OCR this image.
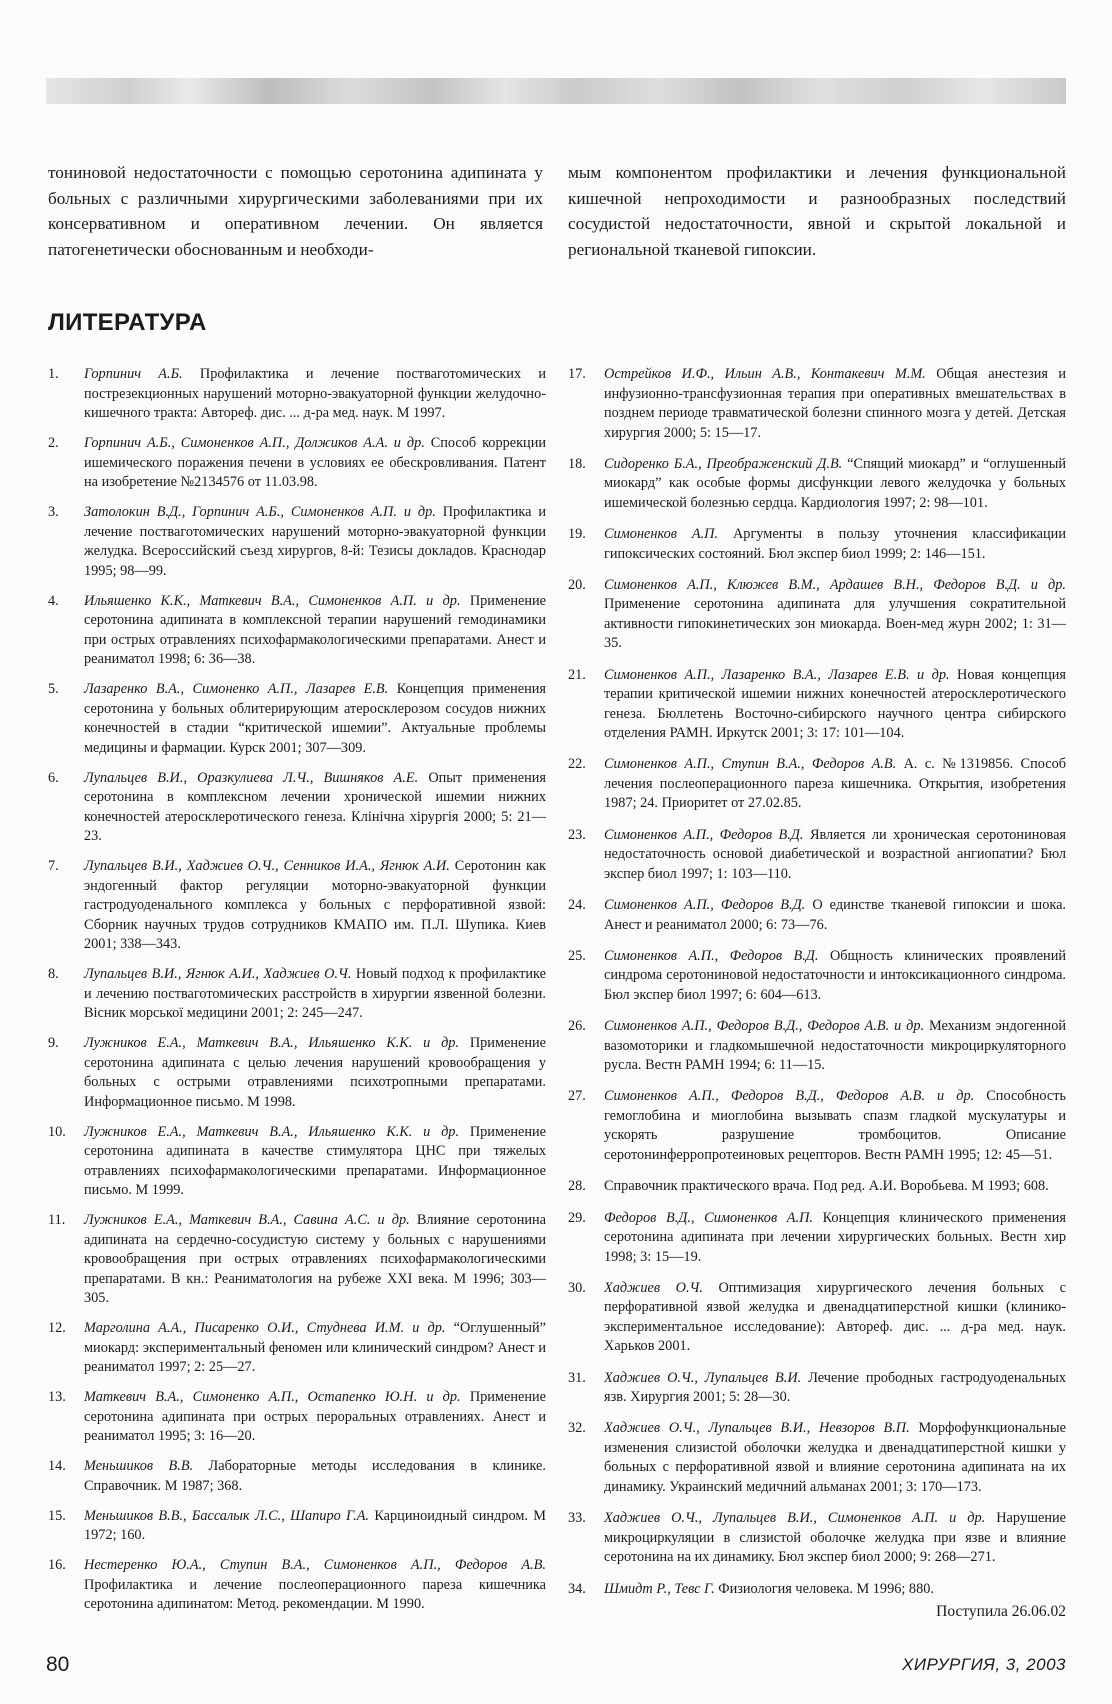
тониновой недостаточности с помощью серотонина адипината у больных с различными хирургическими заболеваниями при их консервативном и оперативном лечении. Он является патогенетически обоснованным и необходи-
мым компонентом профилактики и лечения функциональной кишечной непроходимости и разнообразных последствий сосудистой недостаточности, явной и скрытой локальной и региональной тканевой гипоксии.
ЛИТЕРАТУРА
1.	Горпинич А.Б. Профилактика и лечение постваготомических и пострезекционных нарушений моторно-эвакуаторной функции желудочно-кишечного тракта: Автореф. дис. ... д-ра мед. наук. М 1997.
2.	Горпинич А.Б., Симоненков А.П., Должиков А.А. и др. Способ коррекции ишемического поражения печени в условиях ее обескровливания. Патент на изобретение №2134576 от 11.03.98.
3.	Затолокин В.Д., Горпинич А.Б., Симоненков А.П. и др. Профилактика и лечение постваготомических нарушений моторно-эвакуаторной функции желудка. Всероссийский съезд хирургов, 8-й: Тезисы докладов. Краснодар 1995; 98—99.
4.	Ильяшенко К.К., Маткевич В.А., Симоненков А.П. и др. Применение серотонина адипината в комплексной терапии нарушений гемодинамики при острых отравлениях психофармакологическими препаратами. Анест и реаниматол 1998; 6: 36—38.
5.	Лазаренко В.А., Симоненко А.П., Лазарев Е.В. Концепция применения серотонина у больных облитерирующим атеросклерозом сосудов нижних конечностей в стадии “критической ишемии”. Актуальные проблемы медицины и фармации. Курск 2001; 307—309.
6.	Лупальцев В.И., Оразкулиева Л.Ч., Вишняков А.Е. Опыт применения серотонина в комплексном лечении хронической ишемии нижних конечностей атеросклеротического генеза. Клінічна хірургія 2000; 5: 21—23.
7.	Лупальцев В.И., Хаджиев О.Ч., Сенников И.А., Ягнюк А.И. Серотонин как эндогенный фактор регуляции моторно-эвакуаторной функции гастродуоденального комплекса у больных с перфоративной язвой: Сборник научных трудов сотрудников КМАПО им. П.Л. Шупика. Киев 2001; 338—343.
8.	Лупальцев В.И., Ягнюк А.И., Хаджиев О.Ч. Новый подход к профилактике и лечению постваготомических расстройств в хирургии язвенной болезни. Вісник морської медицини 2001; 2: 245—247.
9.	Лужников Е.А., Маткевич В.А., Ильяшенко К.К. и др. Применение серотонина адипината с целью лечения нарушений кровообращения у больных с острыми отравлениями психотропными препаратами. Информационное письмо. М 1998.
10.	Лужников Е.А., Маткевич В.А., Ильяшенко К.К. и др. Применение серотонина адипината в качестве стимулятора ЦНС при тяжелых отравлениях психофармакологическими препаратами. Информационное письмо. М 1999.
11.	Лужников Е.А., Маткевич В.А., Савина А.С. и др. Влияние серотонина адипината на сердечно-сосудистую систему у больных с нарушениями кровообращения при острых отравлениях психофармакологическими препаратами. В кн.: Реаниматология на рубеже XXI века. М 1996; 303—305.
12.	Марголина А.А., Писаренко О.И., Студнева И.М. и др. “Оглушенный” миокард: экспериментальный феномен или клинический синдром? Анест и реаниматол 1997; 2: 25—27.
13.	Маткевич В.А., Симоненко А.П., Остапенко Ю.Н. и др. Применение серотонина адипината при острых пероральных отравлениях. Анест и реаниматол 1995; 3: 16—20.
14.	Меньшиков В.В. Лабораторные методы исследования в клинике. Справочник. М 1987; 368.
15.	Меньшиков В.В., Бассалык Л.С., Шапиро Г.А. Карциноидный синдром. М 1972; 160.
16.	Нестеренко Ю.А., Ступин В.А., Симоненков А.П., Федоров А.В. Профилактика и лечение послеоперационного пареза кишечника серотонина адипинатом: Метод. рекомендации. М 1990.
17.	Острейков И.Ф., Ильин А.В., Контакевич М.М. Общая анестезия и инфузионно-трансфузионная терапия при оперативных вмешательствах в позднем периоде травматической болезни спинного мозга у детей. Детская хирургия 2000; 5: 15—17.
18.	Сидоренко Б.А., Преображенский Д.В. “Спящий миокард” и “оглушенный миокард” как особые формы дисфункции левого желудочка у больных ишемической болезнью сердца. Кардиология 1997; 2: 98—101.
19.	Симоненков А.П. Аргументы в пользу уточнения классификации гипоксических состояний. Бюл экспер биол 1999; 2: 146—151.
20.	Симоненков А.П., Клюжев В.М., Ардашев В.Н., Федоров В.Д. и др. Применение серотонина адипината для улучшения сократительной активности гипокинетических зон миокарда. Воен-мед журн 2002; 1: 31—35.
21.	Симоненков А.П., Лазаренко В.А., Лазарев Е.В. и др. Новая концепция терапии критической ишемии нижних конечностей атеросклеротического генеза. Бюллетень Восточно-сибирского научного центра сибирского отделения РАМН. Иркутск 2001; 3: 17: 101—104.
22.	Симоненков А.П., Ступин В.А., Федоров А.В. А. с. №1319856. Способ лечения послеоперационного пареза кишечника. Открытия, изобретения 1987; 24. Приоритет от 27.02.85.
23.	Симоненков А.П., Федоров В.Д. Является ли хроническая серотониновая недостаточность основой диабетической и возрастной ангиопатии? Бюл экспер биол 1997; 1: 103—110.
24.	Симоненков А.П., Федоров В.Д. О единстве тканевой гипоксии и шока. Анест и реаниматол 2000; 6: 73—76.
25.	Симоненков А.П., Федоров В.Д. Общность клинических проявлений синдрома серотониновой недостаточности и интоксикационного синдрома. Бюл экспер биол 1997; 6: 604—613.
26.	Симоненков А.П., Федоров В.Д., Федоров А.В. и др. Механизм эндогенной вазомоторики и гладкомышечной недостаточности микроциркуляторного русла. Вестн РАМН 1994; 6: 11—15.
27.	Симоненков А.П., Федоров В.Д., Федоров А.В. и др. Способность гемоглобина и миоглобина вызывать спазм гладкой мускулатуры и ускорять разрушение тромбоцитов. Описание серотонинферропротеиновых рецепторов. Вестн РАМН 1995; 12: 45—51.
28.	Справочник практического врача. Под ред. А.И. Воробьева. М 1993; 608.
29.	Федоров В.Д., Симоненков А.П. Концепция клинического применения серотонина адипината при лечении хирургических больных. Вестн хир 1998; 3: 15—19.
30.	Хаджиев О.Ч. Оптимизация хирургического лечения больных с перфоративной язвой желудка и двенадцатиперстной кишки (клинико-экспериментальное исследование): Автореф. дис. ... д-ра мед. наук. Харьков 2001.
31.	Хаджиев О.Ч., Лупальцев В.И. Лечение прободных гастродуоденальных язв. Хирургия 2001; 5: 28—30.
32.	Хаджиев О.Ч., Лупальцев В.И., Невзоров В.П. Морфофункциональные изменения слизистой оболочки желудка и двенадцатиперстной кишки у больных с перфоративной язвой и влияние серотонина адипината на их динамику. Украинский медичний альманах 2001; 3: 170—173.
33.	Хаджиев О.Ч., Лупальцев В.И., Симоненков А.П. и др. Нарушение микроциркуляции в слизистой оболочке желудка при язве и влияние серотонина на их динамику. Бюл экспер биол 2000; 9: 268—271.
34.	Шмидт Р., Тевс Г. Физиология человека. М 1996; 880.
Поступила 26.06.02
80	ХИРУРГИЯ, 3, 2003
